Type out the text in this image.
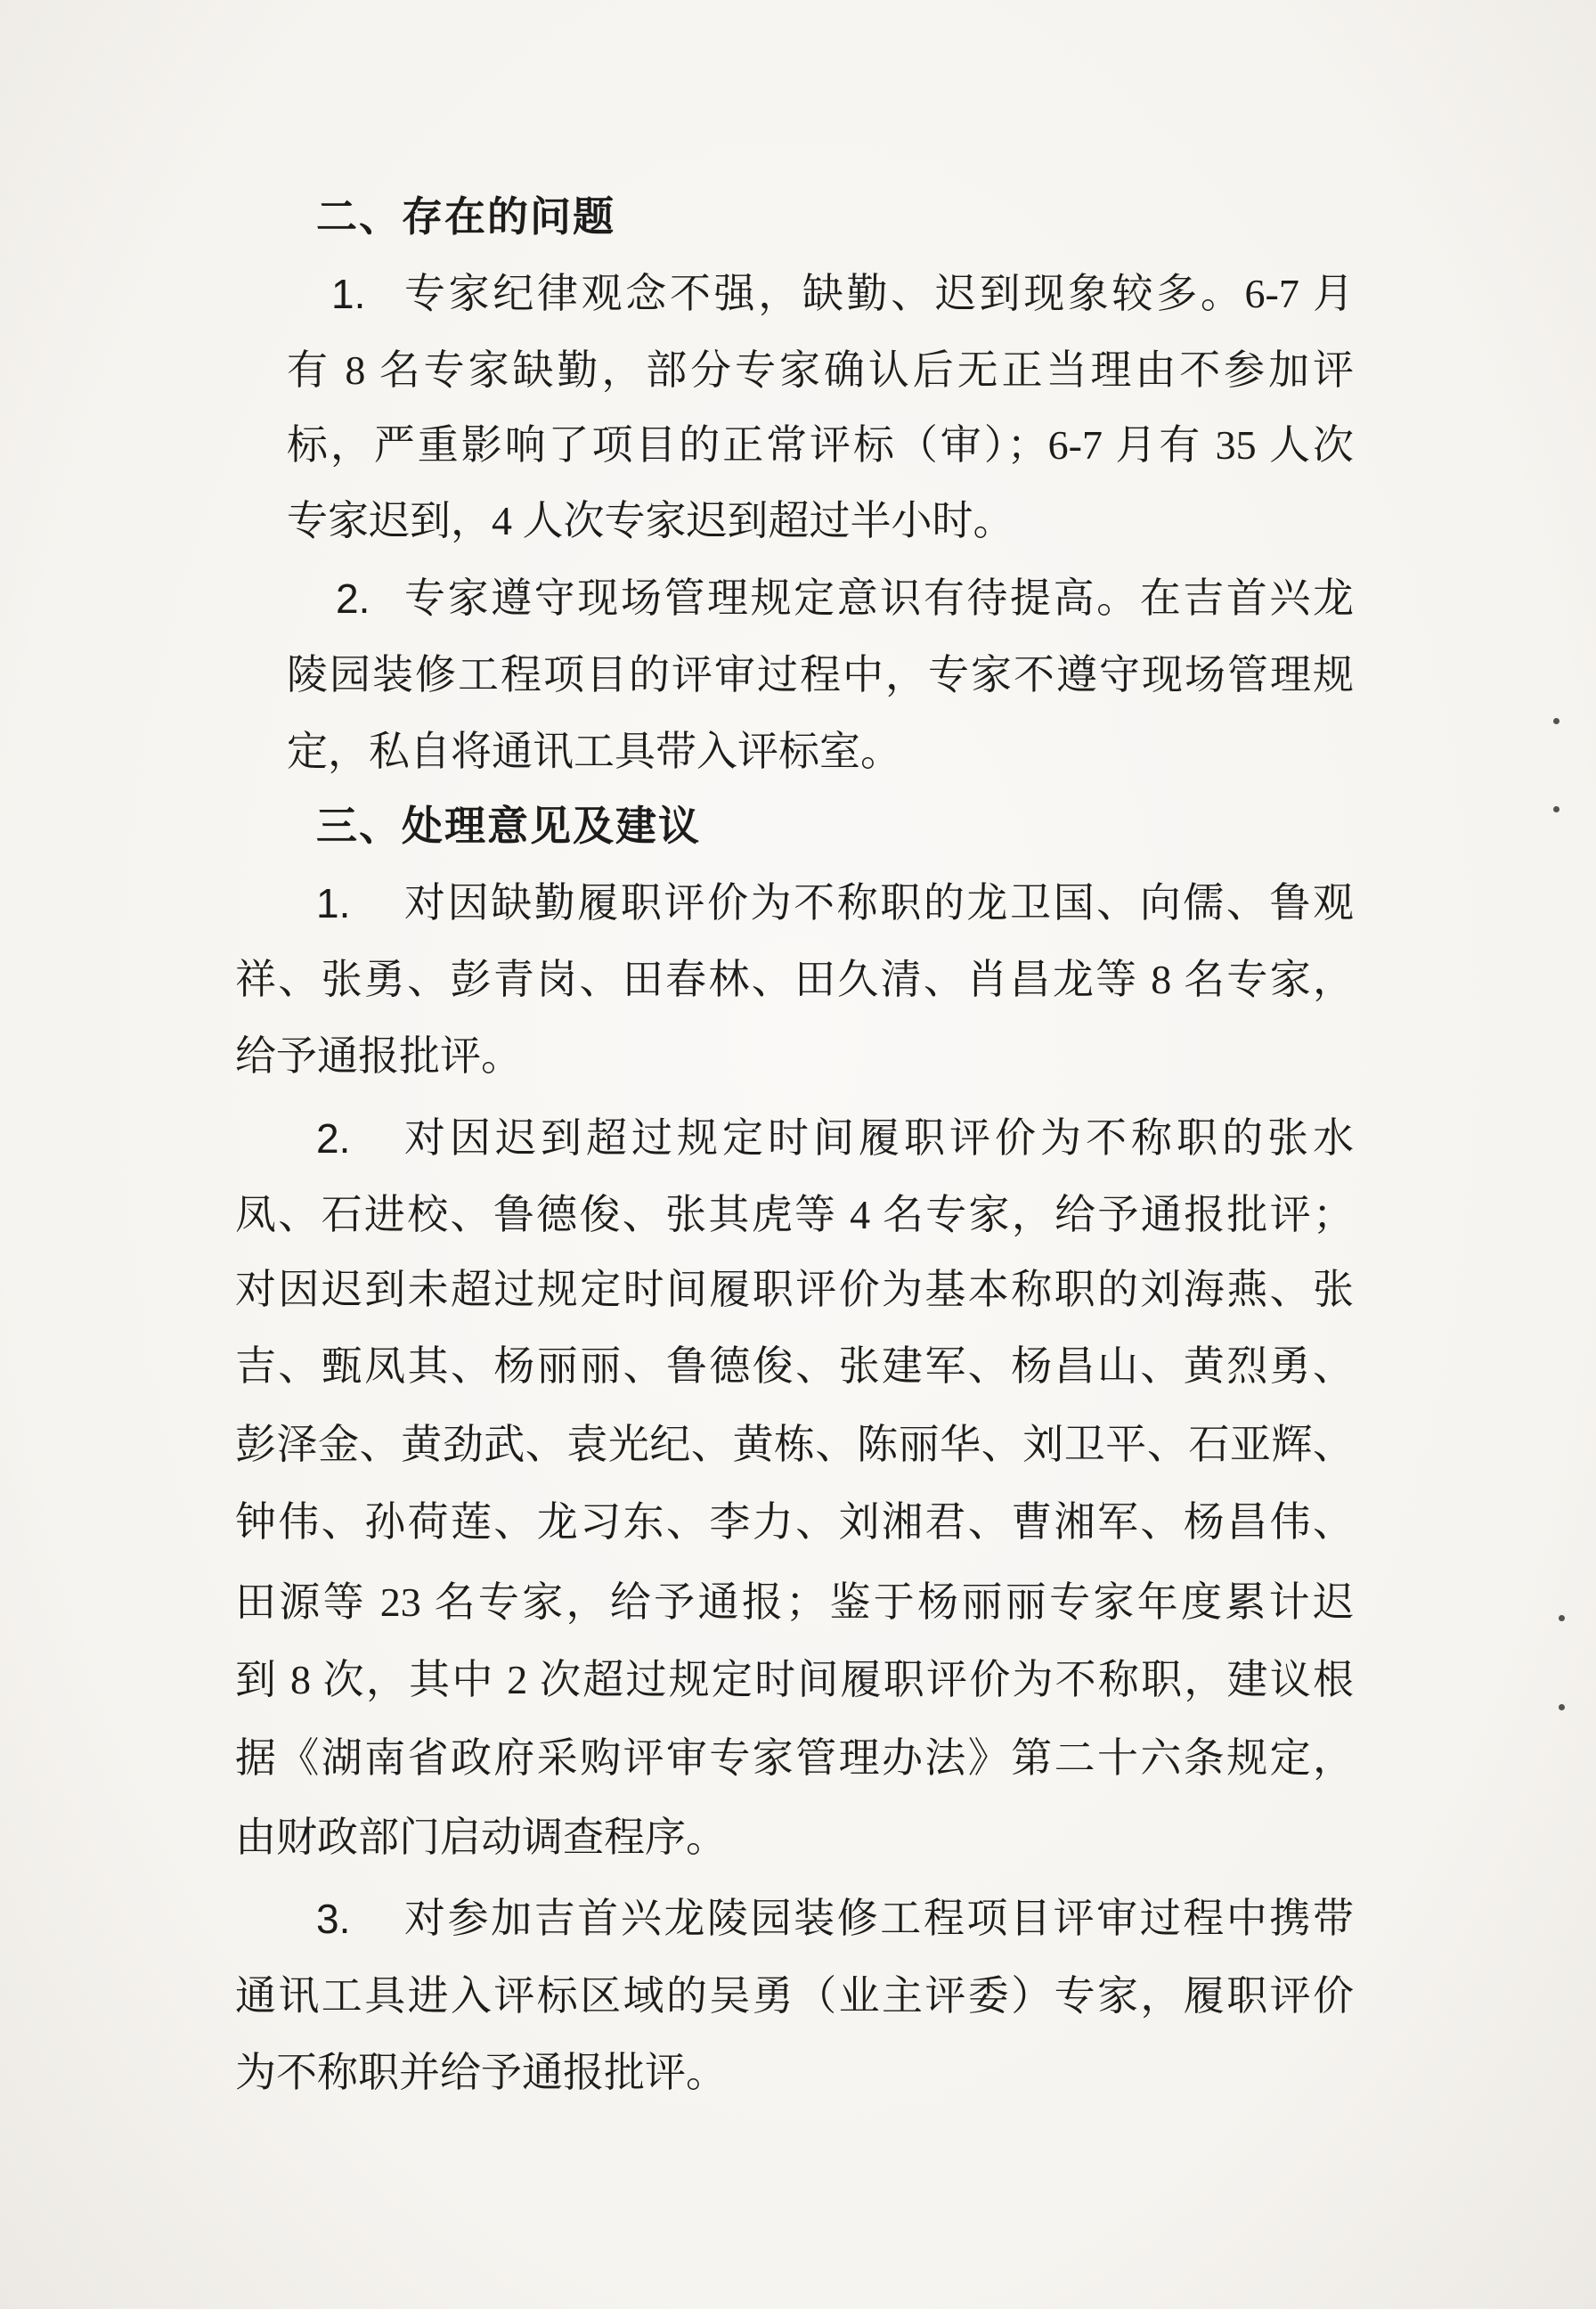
二、存在的问题
1. 专家纪律观念不强，缺勤、迟到现象较多。6-7 月
有 8 名专家缺勤，部分专家确认后无正当理由不参加评
标，严重影响了项目的正常评标（审）；6-7 月有 35 人次
专家迟到，4 人次专家迟到超过半小时。
2. 专家遵守现场管理规定意识有待提高。在吉首兴龙
陵园装修工程项目的评审过程中，专家不遵守现场管理规
定，私自将通讯工具带入评标室。
三、处理意见及建议
1. 对因缺勤履职评价为不称职的龙卫国、向儒、鲁观
祥、张勇、彭青岗、田春林、田久清、肖昌龙等 8 名专家，
给予通报批评。
2. 对因迟到超过规定时间履职评价为不称职的张水
凤、石进校、鲁德俊、张其虎等 4 名专家，给予通报批评；
对因迟到未超过规定时间履职评价为基本称职的刘海燕、张
吉、甄凤其、杨丽丽、鲁德俊、张建军、杨昌山、黄烈勇、
彭泽金、黄劲武、袁光纪、黄栋、陈丽华、刘卫平、石亚辉、
钟伟、孙荷莲、龙习东、李力、刘湘君、曹湘军、杨昌伟、
田源等 23 名专家，给予通报；鉴于杨丽丽专家年度累计迟
到 8 次，其中 2 次超过规定时间履职评价为不称职，建议根
据《湖南省政府采购评审专家管理办法》第二十六条规定，
由财政部门启动调查程序。
3. 对参加吉首兴龙陵园装修工程项目评审过程中携带
通讯工具进入评标区域的吴勇（业主评委）专家，履职评价
为不称职并给予通报批评。
